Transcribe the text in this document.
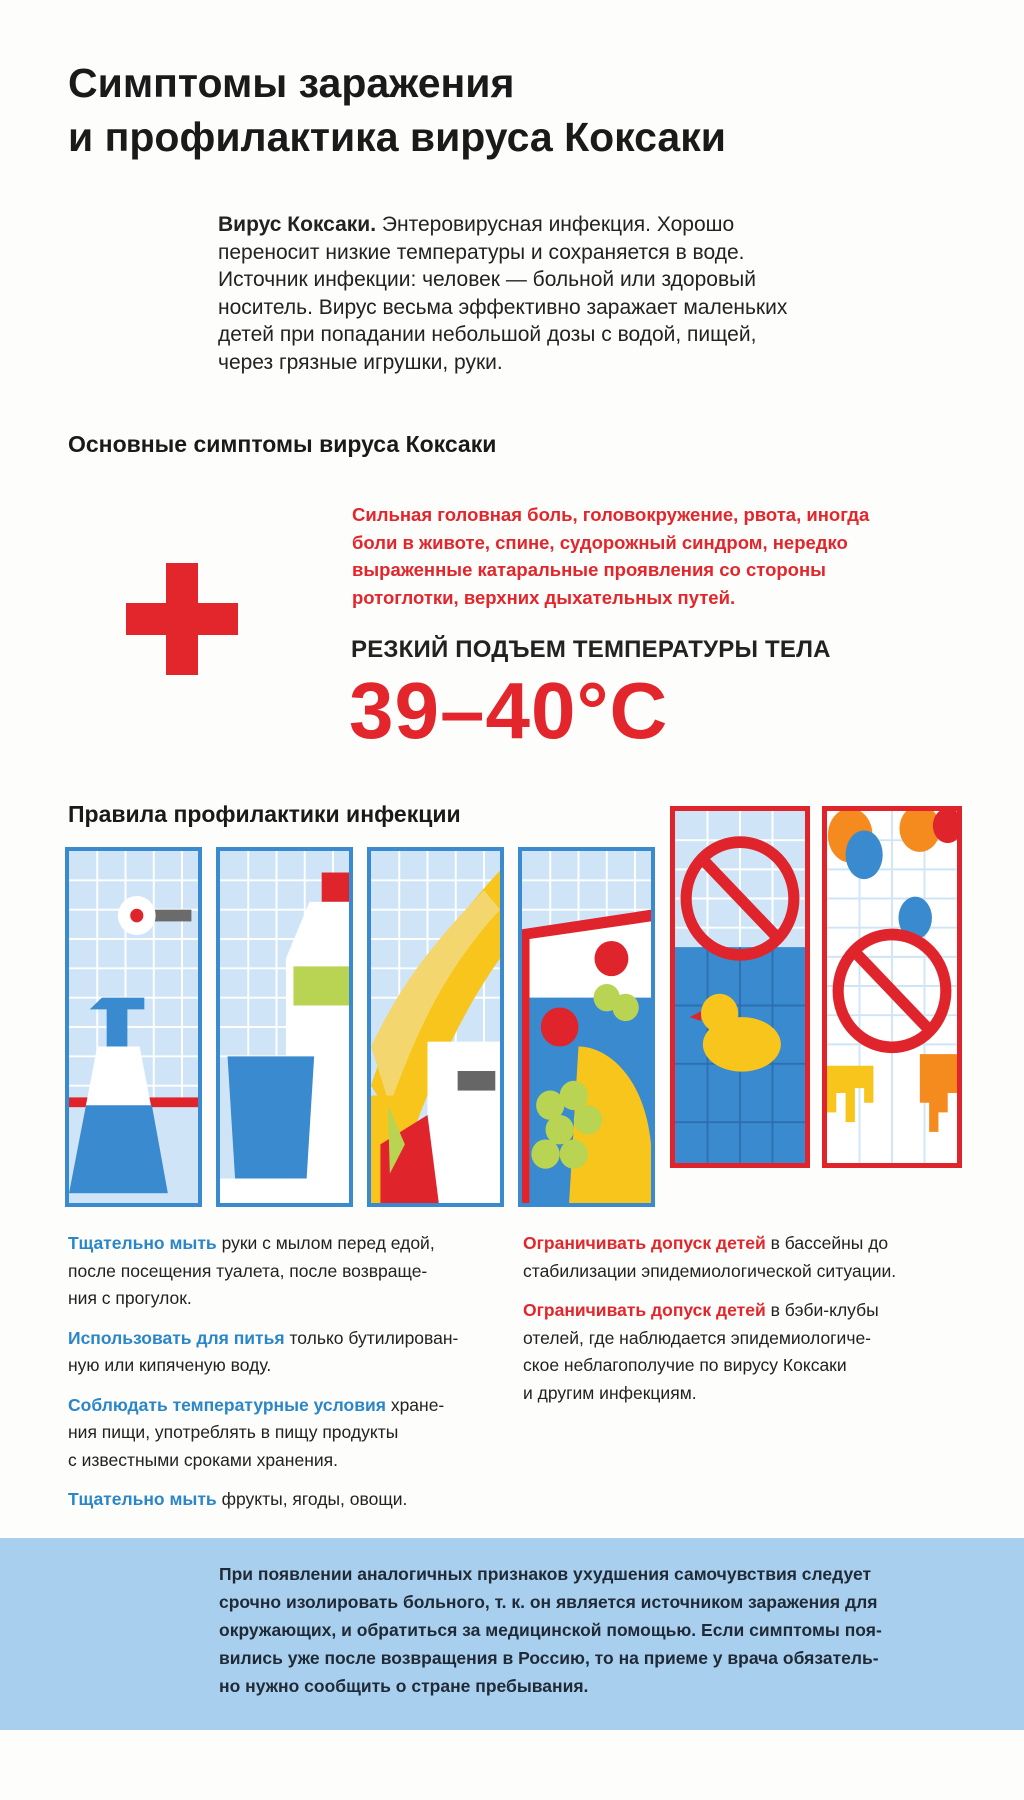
Симптомы заражения
и профилактика вируса Коксаки
Вирус Коксаки. Энтеровирусная инфекция. Хорошо
переносит низкие температуры и сохраняется в воде.
Источник инфекции: человек — больной или здоровый
носитель. Вирус весьма эффективно заражает маленьких
детей при попадании небольшой дозы с водой, пищей,
через грязные игрушки, руки.
Основные симптомы вируса Коксаки
Сильная головная боль, головокружение, рвота, иногда
боли в животе, спине, судорожный синдром, нередко
выраженные катаральные проявления со стороны
ротоглотки, верхних дыхательных путей.
РЕЗКИЙ ПОДЪЕМ ТЕМПЕРАТУРЫ ТЕЛА
39–40°C
Правила профилактики инфекции

Тщательно мыть руки с мылом перед едой,
после посещения туалета, после возвраще-
ния с прогулок.

Использовать для питья только бутилирован-
ную или кипяченую воду.

Соблюдать температурные условия хране-
ния пищи, употреблять в пищу продукты
с известными сроками хранения.

Тщательно мыть фрукты, ягоды, овощи.

Ограничивать допуск детей в бассейны до
стабилизации эпидемиологической ситуации.

Ограничивать допуск детей в бэби-клубы
отелей, где наблюдается эпидемиологиче-
ское неблагополучие по вирусу Коксаки
и другим инфекциям.

При появлении аналогичных признаков ухудшения самочувствия следует
срочно изолировать больного, т. к. он является источником заражения для
окружающих, и обратиться за медицинской помощью. Если симптомы поя-
вились уже после возвращения в Россию, то на приеме у врача обязатель-
но нужно сообщить о стране пребывания.
